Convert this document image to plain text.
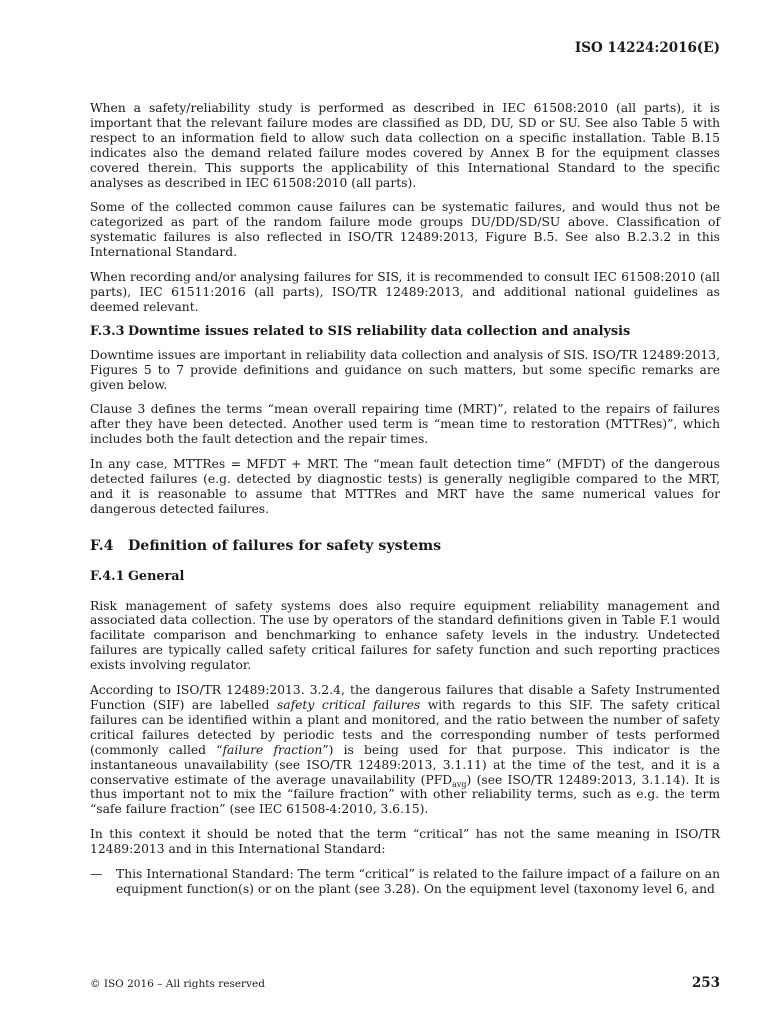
ISO 14224:2016(E)

When a safety/reliability study is performed as described in IEC 61508:2010 (all parts), it is important that the relevant failure modes are classified as DD, DU, SD or SU. See also Table 5 with respect to an information field to allow such data collection on a specific installation. Table B.15 indicates also the demand related failure modes covered by Annex B for the equipment classes covered therein. This supports the applicability of this International Standard to the specific analyses as described in IEC 61508:2010 (all parts).

Some of the collected common cause failures can be systematic failures, and would thus not be categorized as part of the random failure mode groups DU/DD/SD/SU above. Classification of systematic failures is also reflected in ISO/TR 12489:2013, Figure B.5. See also B.2.3.2 in this International Standard.

When recording and/or analysing failures for SIS, it is recommended to consult IEC 61508:2010 (all parts), IEC 61511:2016 (all parts), ISO/TR 12489:2013, and additional national guidelines as deemed relevant.

F.3.3 Downtime issues related to SIS reliability data collection and analysis

Downtime issues are important in reliability data collection and analysis of SIS. ISO/TR 12489:2013, Figures 5 to 7 provide definitions and guidance on such matters, but some specific remarks are given below.

Clause 3 defines the terms “mean overall repairing time (MRT)”, related to the repairs of failures after they have been detected. Another used term is “mean time to restoration (MTTRes)”, which includes both the fault detection and the repair times.

In any case, MTTRes = MFDT + MRT. The “mean fault detection time” (MFDT) of the dangerous detected failures (e.g. detected by diagnostic tests) is generally negligible compared to the MRT, and it is reasonable to assume that MTTRes and MRT have the same numerical values for dangerous detected failures.

F.4 Definition of failures for safety systems
F.4.1 General

Risk management of safety systems does also require equipment reliability management and associated data collection. The use by operators of the standard definitions given in Table F.1 would facilitate comparison and benchmarking to enhance safety levels in the industry. Undetected failures are typically called safety critical failures for safety function and such reporting practices exists involving regulator.

According to ISO/TR 12489:2013. 3.2.4, the dangerous failures that disable a Safety Instrumented Function (SIF) are labelled safety critical failures with regards to this SIF. The safety critical failures can be identified within a plant and monitored, and the ratio between the number of safety critical failures detected by periodic tests and the corresponding number of tests performed (commonly called “failure fraction”) is being used for that purpose. This indicator is the instantaneous unavailability (see ISO/TR 12489:2013, 3.1.11) at the time of the test, and it is a conservative estimate of the average unavailability $(PFD_{avg})$ (see ISO/TR 12489:2013, 3.1.14). It is thus important not to mix the “failure fraction” with other reliability terms, such as e.g. the term “safe failure fraction” (see IEC 61508-4:2010, 3.6.15).

In this context it should be noted that the term “critical” has not the same meaning in ISO/TR 12489:2013 and in this International Standard:

—	This International Standard: The term “critical” is related to the failure impact of a failure on an equipment function(s) or on the plant (see 3.28). On the equipment level (taxonomy level 6, and
© ISO 2016 – All rights reserved	253
